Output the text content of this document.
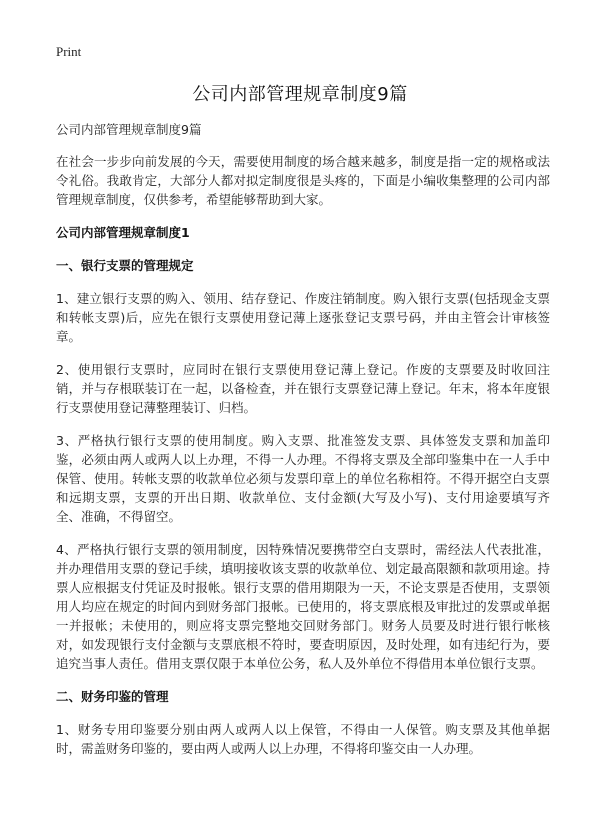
Print
公司内部管理规章制度9篇
公司内部管理规章制度9篇

在社会一步步向前发展的今天，需要使用制度的场合越来越多，制度是指一定的规格或法令礼俗。我敢肯定，大部分人都对拟定制度很是头疼的，下面是小编收集整理的公司内部管理规章制度，仅供参考，希望能够帮助到大家。

公司内部管理规章制度1

一、银行支票的管理规定

1、建立银行支票的购入、领用、结存登记、作废注销制度。购入银行支票(包括现金支票和转帐支票)后，应先在银行支票使用登记薄上逐张登记支票号码，并由主管会计审核签章。

2、使用银行支票时，应同时在银行支票使用登记薄上登记。作废的支票要及时收回注销，并与存根联装订在一起，以备检查，并在银行支票登记薄上登记。年末，将本年度银行支票使用登记薄整理装订、归档。

3、严格执行银行支票的使用制度。购入支票、批准签发支票、具体签发支票和加盖印鉴，必须由两人或两人以上办理，不得一人办理。不得将支票及全部印鉴集中在一人手中保管、使用。转帐支票的收款单位必须与发票印章上的单位名称相符。不得开据空白支票和远期支票，支票的开出日期、收款单位、支付金额(大写及小写)、支付用途要填写齐全、准确，不得留空。

4、严格执行银行支票的领用制度，因特殊情况要携带空白支票时，需经法人代表批准，并办理借用支票的登记手续，填明接收该支票的收款单位、划定最高限额和款项用途。持票人应根据支付凭证及时报帐。银行支票的借用期限为一天，不论支票是否使用，支票领用人均应在规定的时间内到财务部门报帐。已使用的，将支票底根及审批过的发票或单据一并报帐；未使用的，则应将支票完整地交回财务部门。财务人员要及时进行银行帐核对，如发现银行支付金额与支票底根不符时，要查明原因，及时处理，如有违纪行为，要追究当事人责任。借用支票仅限于本单位公务，私人及外单位不得借用本单位银行支票。

二、财务印鉴的管理

1、财务专用印鉴要分别由两人或两人以上保管，不得由一人保管。购支票及其他单据时，需盖财务印鉴的，要由两人或两人以上办理，不得将印鉴交由一人办理。
